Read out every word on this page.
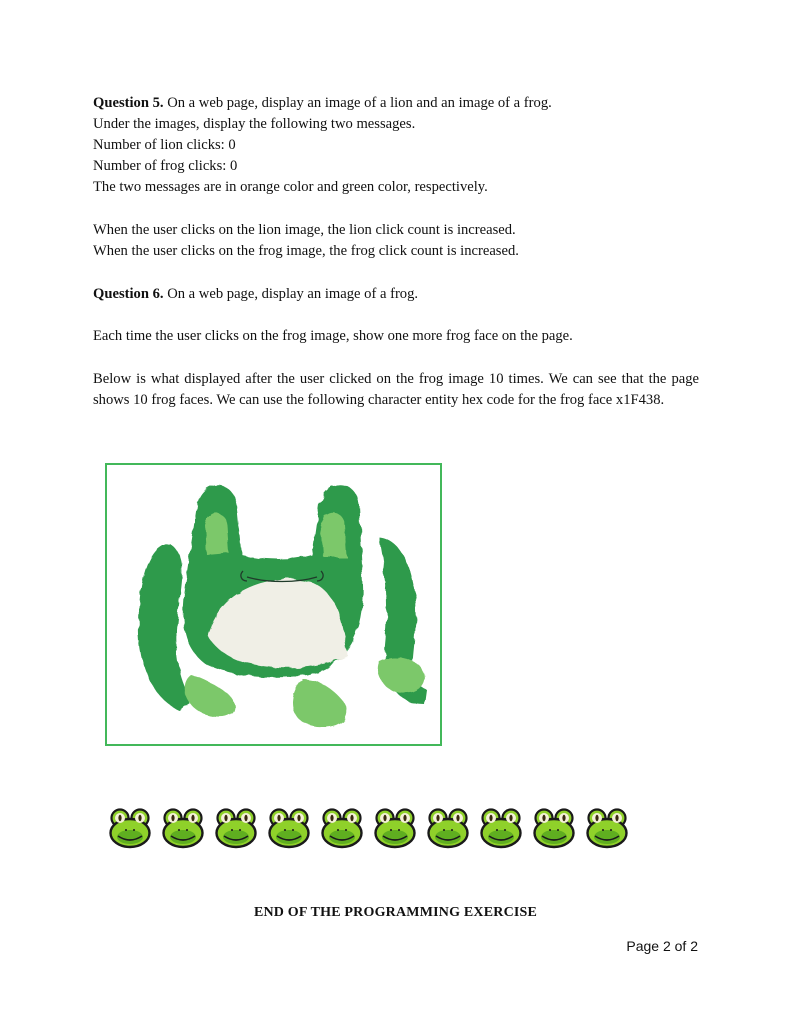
Question 5. On a web page, display an image of a lion and an image of a frog.
Under the images, display the following two messages.
Number of lion clicks: 0
Number of frog clicks: 0
The two messages are in orange color and green color, respectively.
When the user clicks on the lion image, the lion click count is increased.
When the user clicks on the frog image, the frog click count is increased.
Question 6. On a web page, display an image of a frog.
Each time the user clicks on the frog image, show one more frog face on the page.
Below is what displayed after the user clicked on the frog image 10 times. We can see that the page shows 10 frog faces. We can use the following character entity hex code for the frog face x1F438.
END OF THE PROGRAMMING EXERCISE
Page 2 of 2
